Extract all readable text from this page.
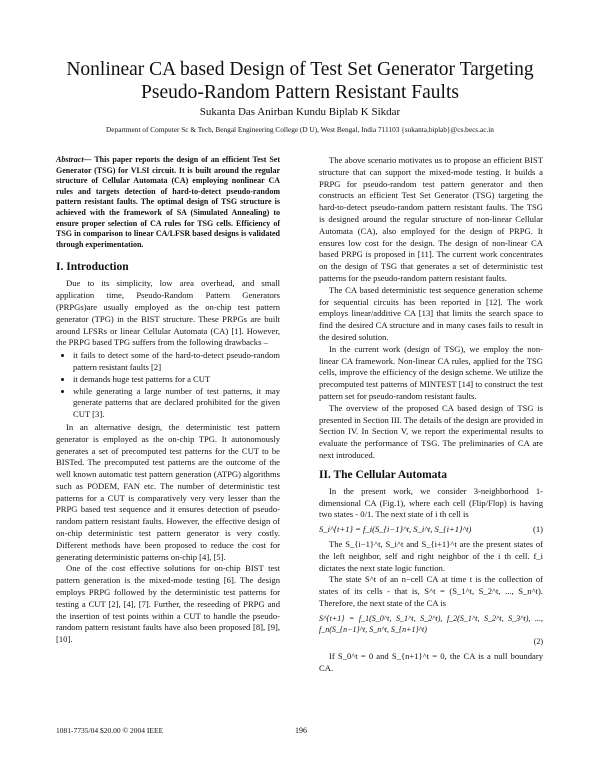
Nonlinear CA based Design of Test Set Generator Targeting
Pseudo-Random Pattern Resistant Faults
Sukanta Das Anirban Kundu Biplab K Sikdar
Department of Computer Sc & Tech, Bengal Engineering College (D U), West Bengal, India 711103 {sukanta,biplab}@cs.becs.ac.in
Abstract— This paper reports the design of an efficient Test Set Generator (TSG) for VLSI circuit. It is built around the regular structure of Cellular Automata (CA) employing nonlinear CA rules and targets detection of hard-to-detect pseudo-random pattern resistant faults. The optimal design of TSG structure is achieved with the framework of SA (Simulated Annealing) to ensure proper selection of CA rules for TSG cells. Efficiency of TSG in comparison to linear CA/LFSR based designs is validated through experimentation.
I. Introduction

Due to its simplicity, low area overhead, and small application time, Pseudo-Random Pattern Generators (PRPGs)are usually employed as the on-chip test pattern generator (TPG) in the BIST structure. These PRPGs are built around LFSRs or linear Cellular Automata (CA) [1]. However, the PRPG based TPG suffers from the following drawbacks –

• it fails to detect some of the hard-to-detect pseudo-random pattern resistant faults [2]
• it demands huge test patterns for a CUT
• while generating a large number of test patterns, it may generate patterns that are declared prohibited for the given CUT [3].

In an alternative design, the deterministic test pattern generator is employed as the on-chip TPG. It autonomously generates a set of precomputed test patterns for the CUT to be BISTed. The precomputed test patterns are the outcome of the well known automatic test pattern generation (ATPG) algorithms such as PODEM, FAN etc. The number of deterministic test patterns for a CUT is comparatively very very lesser than the PRPG based test sequence and it ensures detection of pseudo-random pattern resistant faults. However, the effective design of on-chip deterministic test pattern generator is very costly. Different methods have been proposed to reduce the cost for generating deterministic patterns on-chip [4], [5].

One of the cost effective solutions for on-chip BIST test pattern generation is the mixed-mode testing [6]. The design employs PRPG followed by the deterministic test patterns for testing a CUT [2], [4], [7]. Further, the reseeding of PRPG and the insertion of test points within a CUT to handle the pseudo-random pattern resistant faults have also been proposed [8], [9], [10].

The above scenario motivates us to propose an efficient BIST structure that can support the mixed-mode testing. It builds a PRPG for pseudo-random test pattern generator and then constructs an efficient Test Set Generator (TSG) targeting the hard-to-detect pseudo-random pattern resistant faults. The TSG is designed around the regular structure of non-linear Cellular Automata (CA), also employed for the design of PRPG. It ensures low cost for the design. The design of non-linear CA based PRPG is proposed in [11]. The current work concentrates on the design of TSG that generates a set of deterministic test patterns for the pseudo-random pattern resistant faults.

The CA based deterministic test sequence generation scheme for sequential circuits has been reported in [12]. The work employs linear/additive CA [13] that limits the search space to find the desired CA structure and in many cases fails to result in the desired solution.

In the current work (design of TSG), we employ the non-linear CA framework. Non-linear CA rules, applied for the TSG cells, improve the efficiency of the design scheme. We utilize the precomputed test patterns of MINTEST [14] to construct the test pattern set for pseudo-random resistant faults.

The overview of the proposed CA based design of TSG is presented in Section III. The details of the design are provided in Section IV. In Section V, we report the experimental results to evaluate the performance of TSG. The preliminaries of CA are next introduced.

II. The Cellular Automata

In the present work, we consider 3-neighborhood 1-dimensional CA (Fig.1), where each cell (Flip/Flop) is having two states - 0/1. The next state of i th cell is

S_i^{t+1} = f_i(S_{i−1}^t, S_i^t, S_{i+1}^t)	(1)

The S_{i−1}^t, S_i^t and S_{i+1}^t are the present states of the left neighbor, self and right neighbor of the i th cell. f_i dictates the next state logic function.

The state S^t of an n−cell CA at time t is the collection of states of its cells - that is, S^t = (S_1^t, S_2^t, ..., S_n^t). Therefore, the next state of the CA is

S^{t+1} = f_1(S_0^t, S_1^t, S_2^t), f_2(S_1^t, S_2^t, S_3^t), ..., f_n(S_{n−1}^t, S_n^t, S_{n+1}^t)
(2)

If S_0^t = 0 and S_{n+1}^t = 0, the CA is a null boundary CA.

1081-7735/04 $20.00 © 2004 IEEE	196
